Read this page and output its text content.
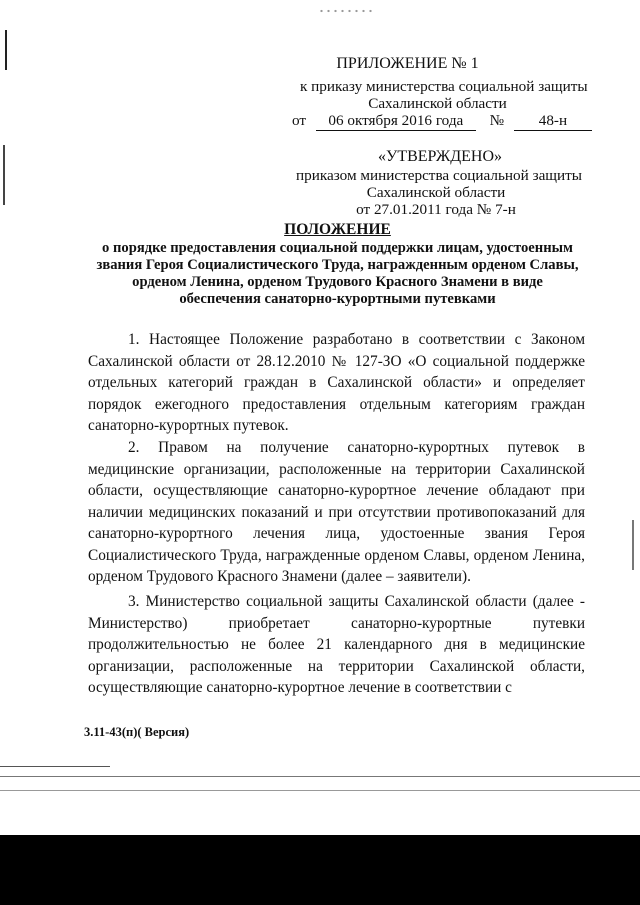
ПРИЛОЖЕНИЕ № 1
к приказу министерства социальной защиты
Сахалинской области
от 06 октября 2016 года № 48-н
«УТВЕРЖДЕНО»
приказом министерства социальной защиты
Сахалинской области
от 27.01.2011 года № 7-н
ПОЛОЖЕНИЕ
о порядке предоставления социальной поддержки лицам, удостоенным
звания Героя Социалистического Труда, награжденным орденом Славы,
орденом Ленина, орденом Трудового Красного Знамени в виде
обеспечения санаторно-курортными путевками

1. Настоящее Положение разработано в соответствии с Законом Сахалинской области от 28.12.2010 № 127-ЗО «О социальной поддержке отдельных категорий граждан в Сахалинской области» и определяет порядок ежегодного предоставления отдельным категориям граждан санаторно-курортных путевок.

2. Правом на получение санаторно-курортных путевок в медицинские организации, расположенные на территории Сахалинской области, осуществляющие санаторно-курортное лечение обладают при наличии медицинских показаний и при отсутствии противопоказаний для санаторно-курортного лечения лица, удостоенные звания Героя Социалистического Труда, награжденные орденом Славы, орденом Ленина, орденом Трудового Красного Знамени (далее – заявители).

3. Министерство социальной защиты Сахалинской области (далее - Министерство) приобретает санаторно-курортные путевки продолжительностью не более 21 календарного дня в медицинские организации, расположенные на территории Сахалинской области, осуществляющие санаторно-курортное лечение в соответствии с

3.11-43(п)( Версия)
